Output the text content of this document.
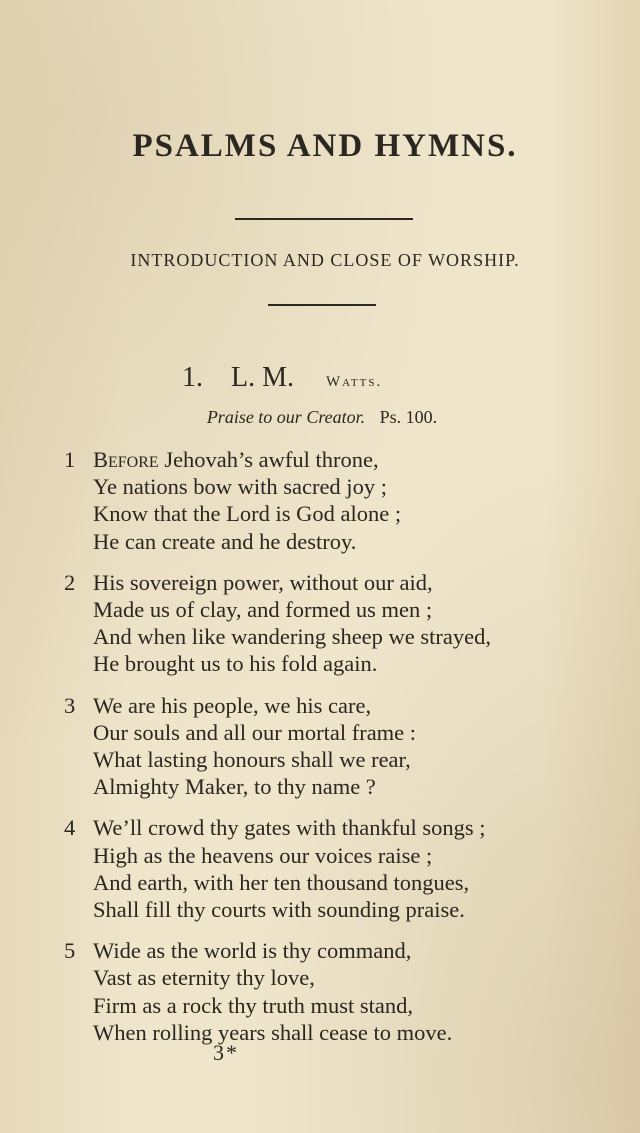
PSALMS AND HYMNS.
INTRODUCTION AND CLOSE OF WORSHIP.
1. L. M. Watts.
Praise to our Creator. Ps. 100.
1 Before Jehovah’s awful throne,
Ye nations bow with sacred joy ;
Know that the Lord is God alone ;
He can create and he destroy.
2 His sovereign power, without our aid,
Made us of clay, and formed us men ;
And when like wandering sheep we strayed,
He brought us to his fold again.
3 We are his people, we his care,
Our souls and all our mortal frame :
What lasting honours shall we rear,
Almighty Maker, to thy name ?
4 We’ll crowd thy gates with thankful songs ;
High as the heavens our voices raise ;
And earth, with her ten thousand tongues,
Shall fill thy courts with sounding praise.
5 Wide as the world is thy command,
Vast as eternity thy love,
Firm as a rock thy truth must stand,
When rolling years shall cease to move.
3*
